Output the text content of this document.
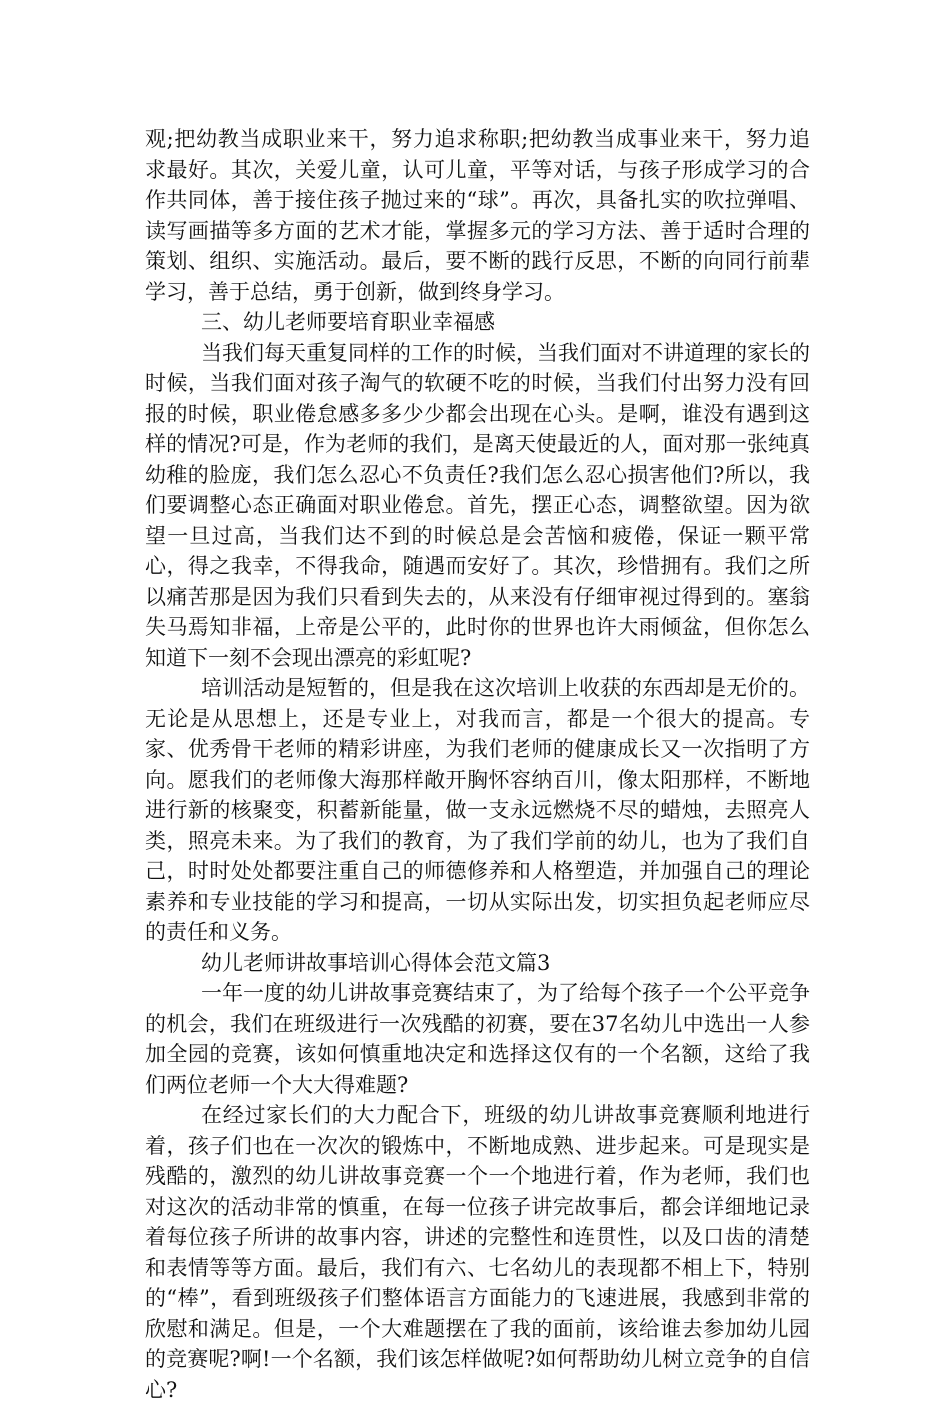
观;把幼教当成职业来干，努力追求称职;把幼教当成事业来干，努力追求最好。其次，关爱儿童，认可儿童，平等对话，与孩子形成学习的合作共同体，善于接住孩子抛过来的“球”。再次，具备扎实的吹拉弹唱、读写画描等多方面的艺术才能，掌握多元的学习方法、善于适时合理的策划、组织、实施活动。最后，要不断的践行反思，不断的向同行前辈学习，善于总结，勇于创新，做到终身学习。

三、幼儿老师要培育职业幸福感

当我们每天重复同样的工作的时候，当我们面对不讲道理的家长的时候，当我们面对孩子淘气的软硬不吃的时候，当我们付出努力没有回报的时候，职业倦怠感多多少少都会出现在心头。是啊，谁没有遇到这样的情况?可是，作为老师的我们，是离天使最近的人，面对那一张纯真幼稚的脸庞，我们怎么忍心不负责任?我们怎么忍心损害他们?所以，我们要调整心态正确面对职业倦怠。首先，摆正心态，调整欲望。因为欲望一旦过高，当我们达不到的时候总是会苦恼和疲倦，保证一颗平常心，得之我幸，不得我命，随遇而安好了。其次，珍惜拥有。我们之所以痛苦那是因为我们只看到失去的，从来没有仔细审视过得到的。塞翁失马焉知非福，上帝是公平的，此时你的世界也许大雨倾盆，但你怎么知道下一刻不会现出漂亮的彩虹呢?

培训活动是短暂的，但是我在这次培训上收获的东西却是无价的。无论是从思想上，还是专业上，对我而言，都是一个很大的提高。专家、优秀骨干老师的精彩讲座，为我们老师的健康成长又一次指明了方向。愿我们的老师像大海那样敞开胸怀容纳百川，像太阳那样，不断地进行新的核聚变，积蓄新能量，做一支永远燃烧不尽的蜡烛，去照亮人类，照亮未来。为了我们的教育，为了我们学前的幼儿，也为了我们自己，时时处处都要注重自己的师德修养和人格塑造，并加强自己的理论素养和专业技能的学习和提高，一切从实际出发，切实担负起老师应尽的责任和义务。

幼儿老师讲故事培训心得体会范文篇3

一年一度的幼儿讲故事竞赛结束了，为了给每个孩子一个公平竞争的机会，我们在班级进行一次残酷的初赛，要在37名幼儿中选出一人参加全园的竞赛，该如何慎重地决定和选择这仅有的一个名额，这给了我们两位老师一个大大得难题?

在经过家长们的大力配合下，班级的幼儿讲故事竞赛顺利地进行着，孩子们也在一次次的锻炼中，不断地成熟、进步起来。可是现实是残酷的，激烈的幼儿讲故事竞赛一个一个地进行着，作为老师，我们也对这次的活动非常的慎重，在每一位孩子讲完故事后，都会详细地记录着每位孩子所讲的故事内容，讲述的完整性和连贯性，以及口齿的清楚和表情等等方面。最后，我们有六、七名幼儿的表现都不相上下，特别的“棒”，看到班级孩子们整体语言方面能力的飞速进展，我感到非常的欣慰和满足。但是，一个大难题摆在了我的面前，该给谁去参加幼儿园的竞赛呢?啊!一个名额，我们该怎样做呢?如何帮助幼儿树立竞争的自信心?
